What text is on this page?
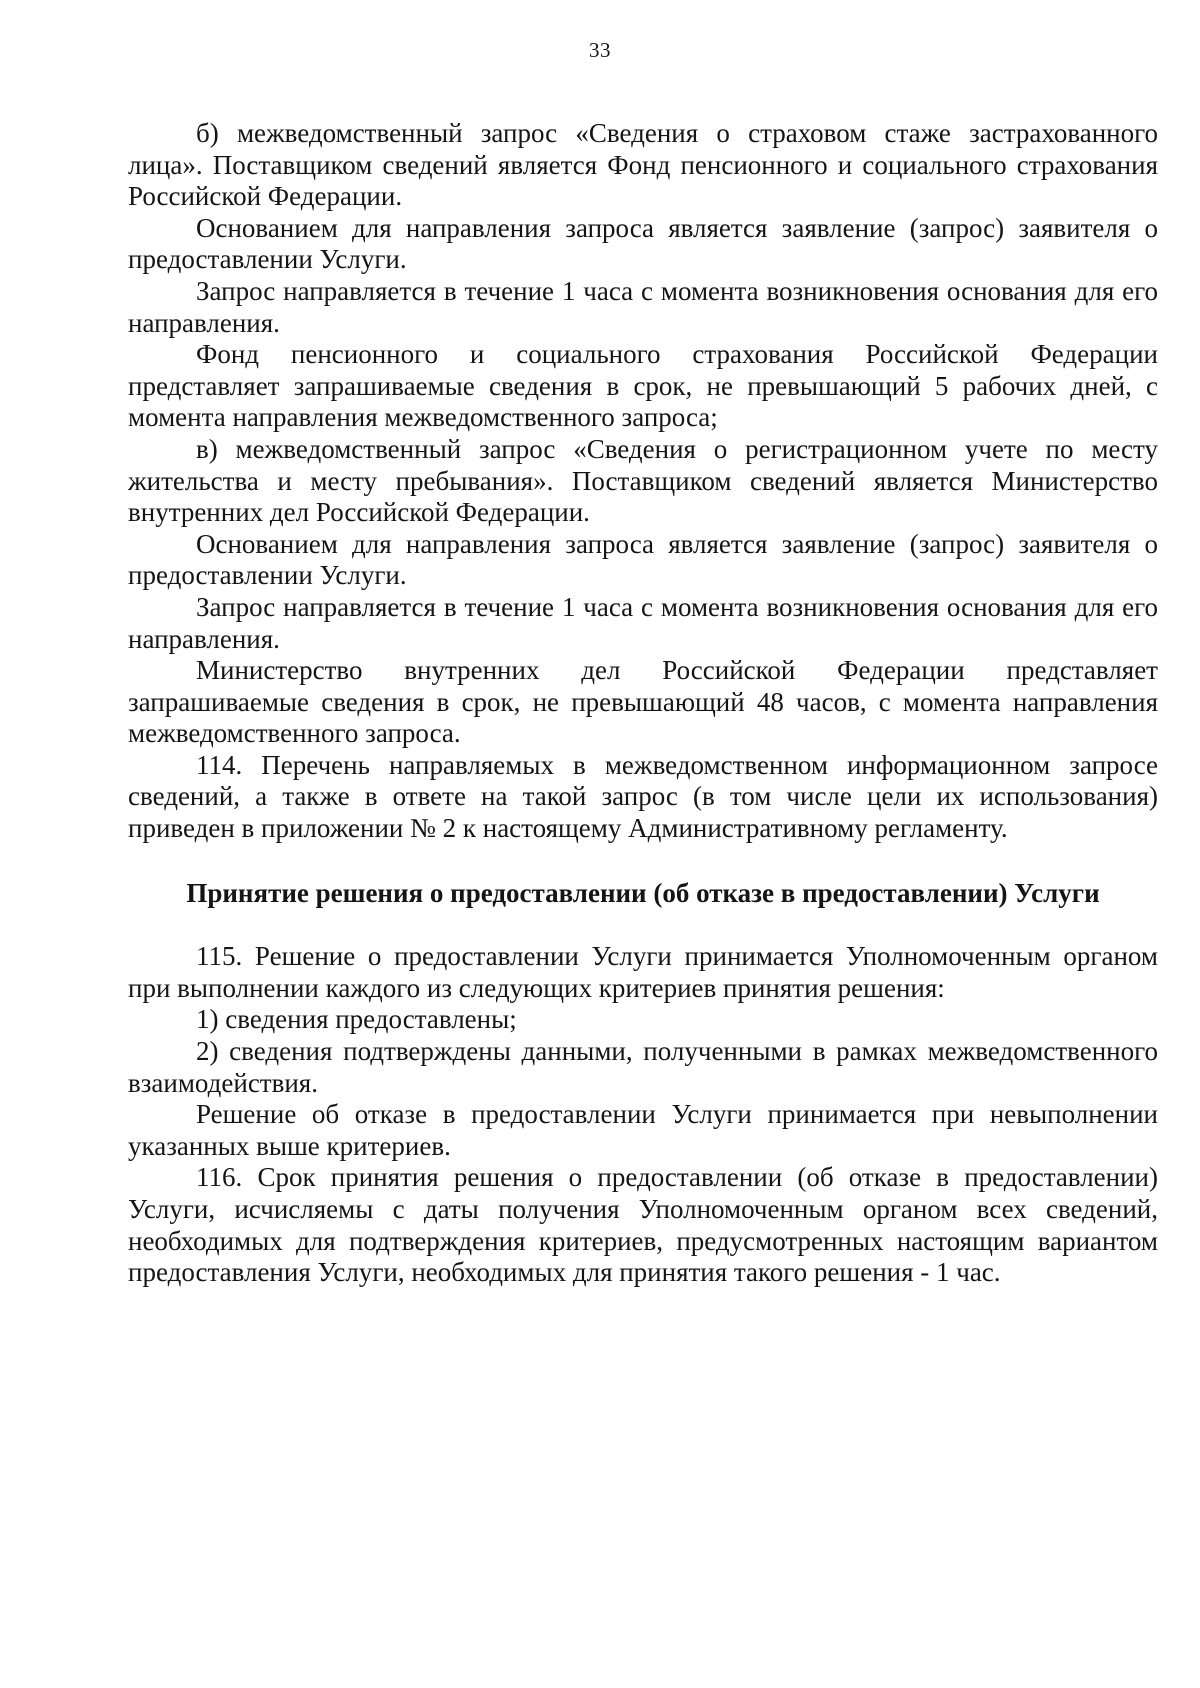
33

б) межведомственный запрос «Сведения о страховом стаже застрахованного лица». Поставщиком сведений является Фонд пенсионного и социального страхования Российской Федерации.

Основанием для направления запроса является заявление (запрос) заявителя о предоставлении Услуги.

Запрос направляется в течение 1 часа с момента возникновения основания для его направления.

Фонд пенсионного и социального страхования Российской Федерации представляет запрашиваемые сведения в срок, не превышающий 5 рабочих дней, с момента направления межведомственного запроса;

в) межведомственный запрос «Сведения о регистрационном учете по месту жительства и месту пребывания». Поставщиком сведений является Министерство внутренних дел Российской Федерации.

Основанием для направления запроса является заявление (запрос) заявителя о предоставлении Услуги.

Запрос направляется в течение 1 часа с момента возникновения основания для его направления.

Министерство внутренних дел Российской Федерации представляет запрашиваемые сведения в срок, не превышающий 48 часов, с момента направления межведомственного запроса.

114. Перечень направляемых в межведомственном информационном запросе сведений, а также в ответе на такой запрос (в том числе цели их использования) приведен в приложении № 2 к настоящему Административному регламенту.

Принятие решения о предоставлении (об отказе в предоставлении) Услуги

115. Решение о предоставлении Услуги принимается Уполномоченным органом при выполнении каждого из следующих критериев принятия решения:

1) сведения предоставлены;

2) сведения подтверждены данными, полученными в рамках межведомственного взаимодействия.

Решение об отказе в предоставлении Услуги принимается при невыполнении указанных выше критериев.

116. Срок принятия решения о предоставлении (об отказе в предоставлении) Услуги, исчисляемы с даты получения Уполномоченным органом всех сведений, необходимых для подтверждения критериев, предусмотренных настоящим вариантом предоставления Услуги, необходимых для принятия такого решения - 1 час.
